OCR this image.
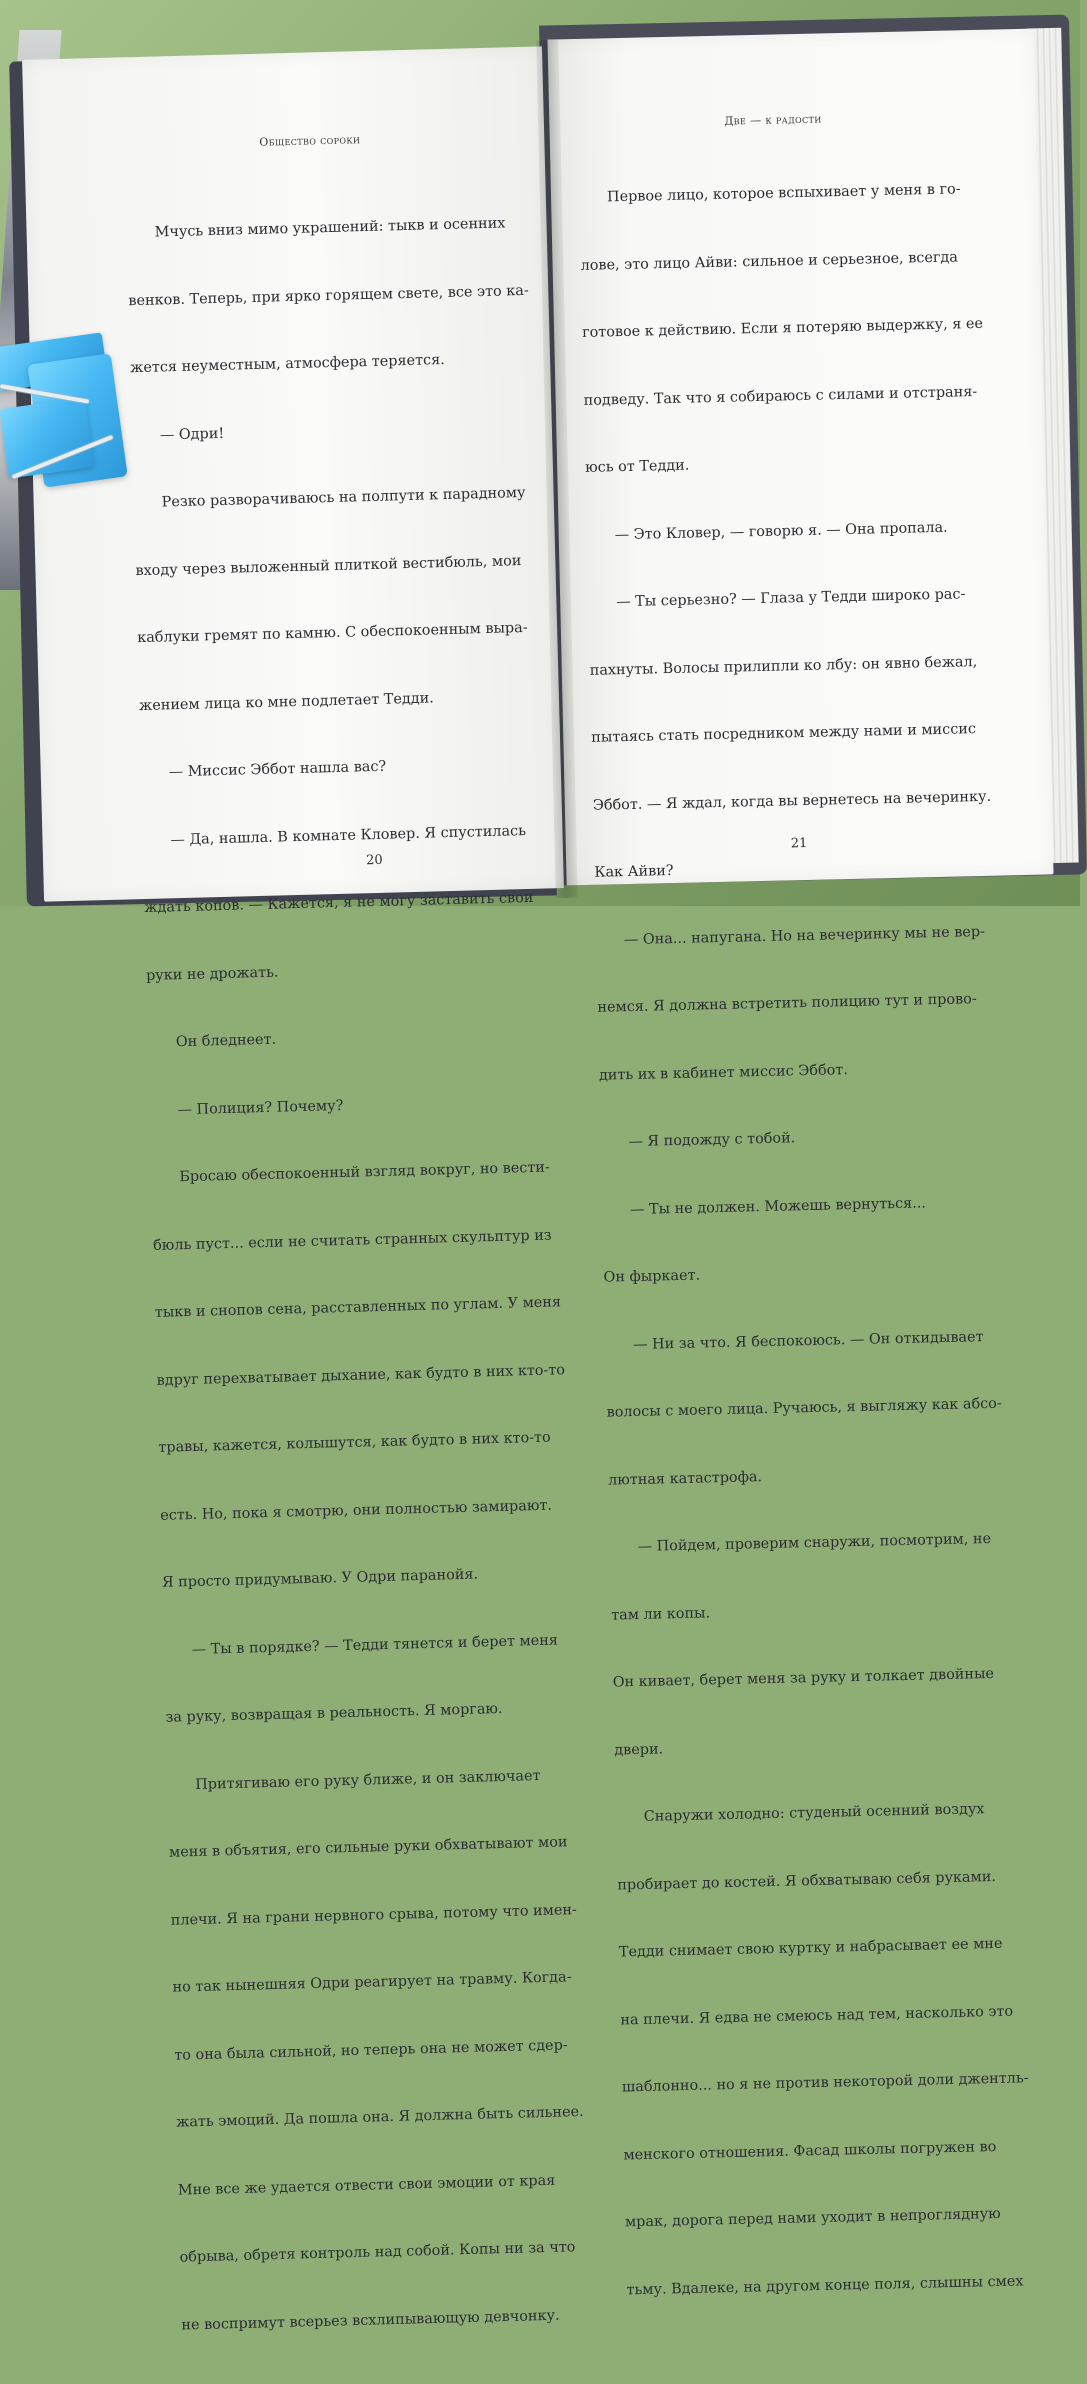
Общество сороки

Мчусь вниз мимо украшений: тыкв и осенних

венков. Теперь, при ярко горящем свете, все это ка-

жется неуместным, атмосфера теряется.

— Одри!

Резко разворачиваюсь на полпути к парадному

входу через выложенный плиткой вестибюль, мои

каблуки гремят по камню. С обеспокоенным выра-

жением лица ко мне подлетает Тедди.

— Миссис Эббот нашла вас?

— Да, нашла. В комнате Кловер. Я спустилась

ждать копов. — Кажется, я не могу заставить свои

руки не дрожать.

Он бледнеет.

— Полиция? Почему?

Бросаю обеспокоенный взгляд вокруг, но вести-

бюль пуст... если не считать странных скульптур из

тыкв и снопов сена, расставленных по углам. У меня

вдруг перехватывает дыхание, как будто в них кто-то

травы, кажется, колышутся, как будто в них кто-то

есть. Но, пока я смотрю, они полностью замирают.

Я просто придумываю. У Одри паранойя.

— Ты в порядке? — Тедди тянется и берет меня

за руку, возвращая в реальность. Я моргаю.

Притягиваю его руку ближе, и он заключает

меня в объятия, его сильные руки обхватывают мои

плечи. Я на грани нервного срыва, потому что имен-

но так нынешняя Одри реагирует на травму. Когда-

то она была сильной, но теперь она не может сдер-

жать эмоций. Да пошла она. Я должна быть сильнее.

Мне все же удается отвести свои эмоции от края

обрыва, обретя контроль над собой. Копы ни за что

не воспримут всерьез всхлипывающую девчонку.

20
Две — к радости

Первое лицо, которое вспыхивает у меня в го-

лове, это лицо Айви: сильное и серьезное, всегда

готовое к действию. Если я потеряю выдержку, я ее

подведу. Так что я собираюсь с силами и отстраня-

юсь от Тедди.

— Это Кловер, — говорю я. — Она пропала.

— Ты серьезно? — Глаза у Тедди широко рас-

пахнуты. Волосы прилипли ко лбу: он явно бежал,

пытаясь стать посредником между нами и миссис

Эббот. — Я ждал, когда вы вернетесь на вечеринку.

Как Айви?

— Она... напугана. Но на вечеринку мы не вер-

немся. Я должна встретить полицию тут и прово-

дить их в кабинет миссис Эббот.

— Я подожду с тобой.

— Ты не должен. Можешь вернуться...

Он фыркает.

— Ни за что. Я беспокоюсь. — Он откидывает

волосы с моего лица. Ручаюсь, я выгляжу как абсо-

лютная катастрофа.

— Пойдем, проверим снаружи, посмотрим, не

там ли копы.

Он кивает, берет меня за руку и толкает двойные

двери.

Снаружи холодно: студеный осенний воздух

пробирает до костей. Я обхватываю себя руками.

Тедди снимает свою куртку и набрасывает ее мне

на плечи. Я едва не смеюсь над тем, насколько это

шаблонно... но я не против некоторой доли джентль-

менского отношения. Фасад школы погружен во

мрак, дорога перед нами уходит в непроглядную

тьму. Вдалеке, на другом конце поля, слышны смех

21
